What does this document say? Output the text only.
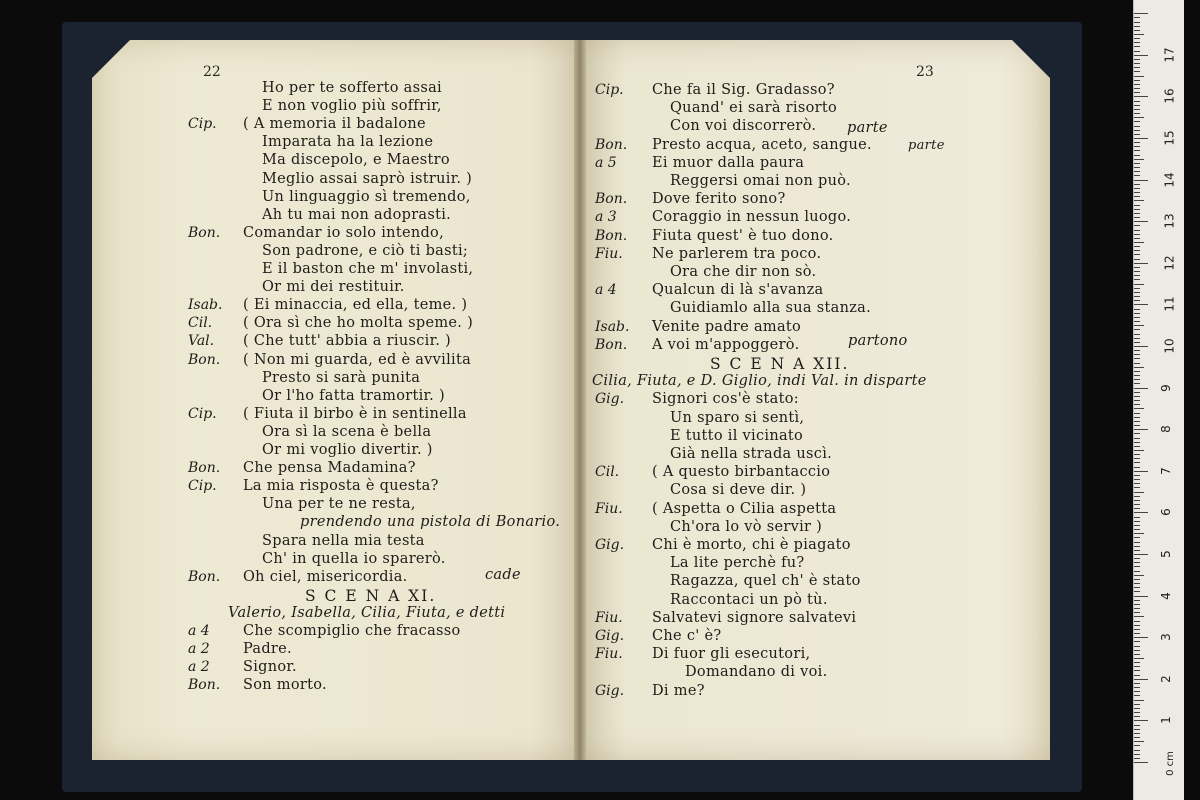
22	23
Ho per te sofferto assai
E non voglio più soffrir,
Cip. ( A memoria il badalone
Imparata ha la lezione
Ma discepolo, e Maestro
Meglio assai saprò istruir. )
Un linguaggio sì tremendo,
Ah tu mai non adoprasti.
Bon. Comandar io solo intendo,
Son padrone, e ciò ti basti;
E il baston che m' involasti,
Or mi dei restituir.
Isab. ( Ei minaccia, ed ella, teme. )
Cil. ( Ora sì che ho molta speme. )
Val. ( Che tutt' abbia a riuscir. )
Bon. ( Non mi guarda, ed è avvilita
Presto si sarà punita
Or l'ho fatta tramortir. )
Cip. ( Fiuta il birbo è in sentinella
Ora sì la scena è bella
Or mi voglio divertir. )
Bon. Che pensa Madamina?
Cip. La mia risposta è questa?
Una per te ne resta,
prendendo una pistola di Bonario.
Spara nella mia testa
Ch' in quella io sparerò.
Bon. Oh ciel, misericordia.
S C E N A XI.
Valerio, Isabella, Cilia, Fiuta, e detti
a 4 Che scompiglio che fracasso
a 2 Padre.
a 2 Signor.
Bon. Son morto.
Cip. Che fa il Sig. Gradasso?
Quand' ei sarà risorto
Con voi discorrerò.
Bon. Presto acqua, aceto, sangue.
a 5 Ei muor dalla paura
Reggersi omai non può.
Bon. Dove ferito sono?
a 3 Coraggio in nessun luogo.
Bon. Fiuta quest' è tuo dono.
Fiu. Ne parlerem tra poco.
Ora che dir non sò.
a 4 Qualcun di là s'avanza
Guidiamlo alla sua stanza.
Isab. Venite padre amato
Bon. A voi m'appoggerò.
S C E N A XII.
Cilia, Fiuta, e D. Giglio, indi Val. in disparte
Gig. Signori cos'è stato:
Un sparo si sentì,
E tutto il vicinato
Già nella strada uscì.
Cil. ( A questo birbantaccio
Cosa si deve dir. )
Fiu. ( Aspetta o Cilia aspetta
Ch'ora lo vò servir )
Gig. Chi è morto, chi è piagato
La lite perchè fu?
Ragazza, quel ch' è stato
Raccontaci un pò tù.
Fiu. Salvatevi signore salvatevi
Gig. Che c' è?
Fiu. Di fuor gli esecutori,
Domandano di voi.
Gig. Di me?
cade
parte
parte
partono
0 cm
1
2
3
4
5
6
7
8
9
10
11
12
13
14
15
16
17
